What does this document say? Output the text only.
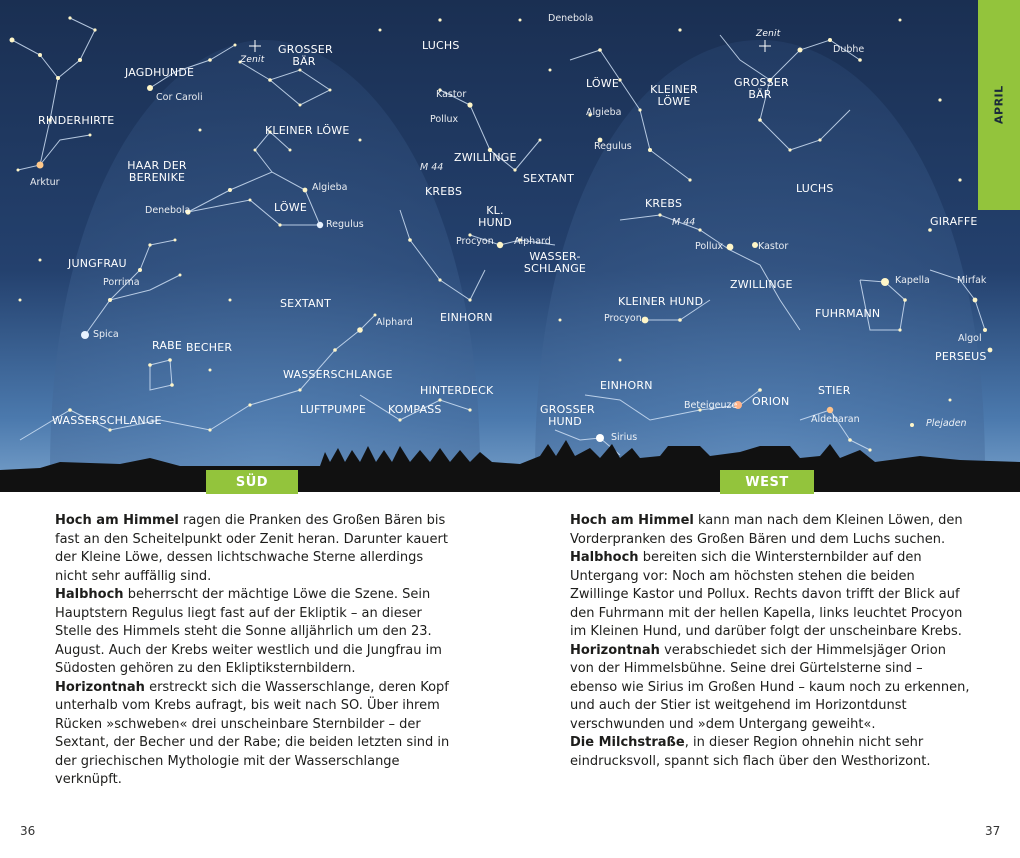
Zenit
GROSSER BÄR
JAGDHUNDE
Cor Caroli
RINDERHIRTE
Arktur
LUCHS
KLEINER LÖWE
HAAR DER BERENIKE
Algieba
Denebola	LÖWE
Regulus
KREBS
M 44
Kastor
Pollux
ZWILLINGE
SEXTANT
KL. HUND
Procyon Alphard
WASSER-SCHLANGE
JUNGFRAU
Porrima
SEXTANT
Alphard EINHORN
Spica
RABE BECHER
WASSERSCHLANGE
HINTERDECK
LUFTPUMPE KOMPASS
WASSERSCHLANGE
Denebola
Zenit
Dubhe
LÖWE	KLEINER LÖWE
GROSSER BÄR
Algieba
Regulus
LUCHS
KREBS
M 44	GIRAFFE
Pollux	Kastor
ZWILLINGE	Kapella	Mirfak
KLEINER HUND
Procyon	FUHRMANN
Algol
PERSEUS
EINHORN	STIER
Beteigeuze ORION
Aldebaran	Plejaden
GROSSER HUND
Sirius
SÜD	WEST
APRIL

Hoch am Himmel ragen die Pranken des Großen Bären bis fast an den Scheitelpunkt oder Zenit heran. Darunter kauert der Kleine Löwe, dessen lichtschwache Sterne allerdings nicht sehr auffällig sind.

Halbhoch beherrscht der mächtige Löwe die Szene. Sein Hauptstern Regulus liegt fast auf der Ekliptik – an dieser Stelle des Himmels steht die Sonne alljährlich um den 23. August. Auch der Krebs weiter westlich und die Jungfrau im Südosten gehören zu den Ekliptiksternbildern.

Horizontnah erstreckt sich die Wasserschlange, deren Kopf unterhalb vom Krebs aufragt, bis weit nach SO. Über ihrem Rücken »schweben« drei unscheinbare Sternbilder – der Sextant, der Becher und der Rabe; die beiden letzten sind in der griechischen Mythologie mit der Wasserschlange verknüpft.

Hoch am Himmel kann man nach dem Kleinen Löwen, den Vorderpranken des Großen Bären und dem Luchs suchen.

Halbhoch bereiten sich die Wintersternbilder auf den Untergang vor: Noch am höchsten stehen die beiden Zwillinge Kastor und Pollux. Rechts davon trifft der Blick auf den Fuhrmann mit der hellen Kapella, links leuchtet Procyon im Kleinen Hund, und darüber folgt der unscheinbare Krebs.

Horizontnah verabschiedet sich der Himmelsjäger Orion von der Himmelsbühne. Seine drei Gürtelsterne sind – ebenso wie Sirius im Großen Hund – kaum noch zu erkennen, und auch der Stier ist weitgehend im Horizontdunst verschwunden und »dem Untergang geweiht«.

Die Milchstraße, in dieser Region ohnehin nicht sehr eindrucksvoll, spannt sich flach über den Westhorizont.

36	37
